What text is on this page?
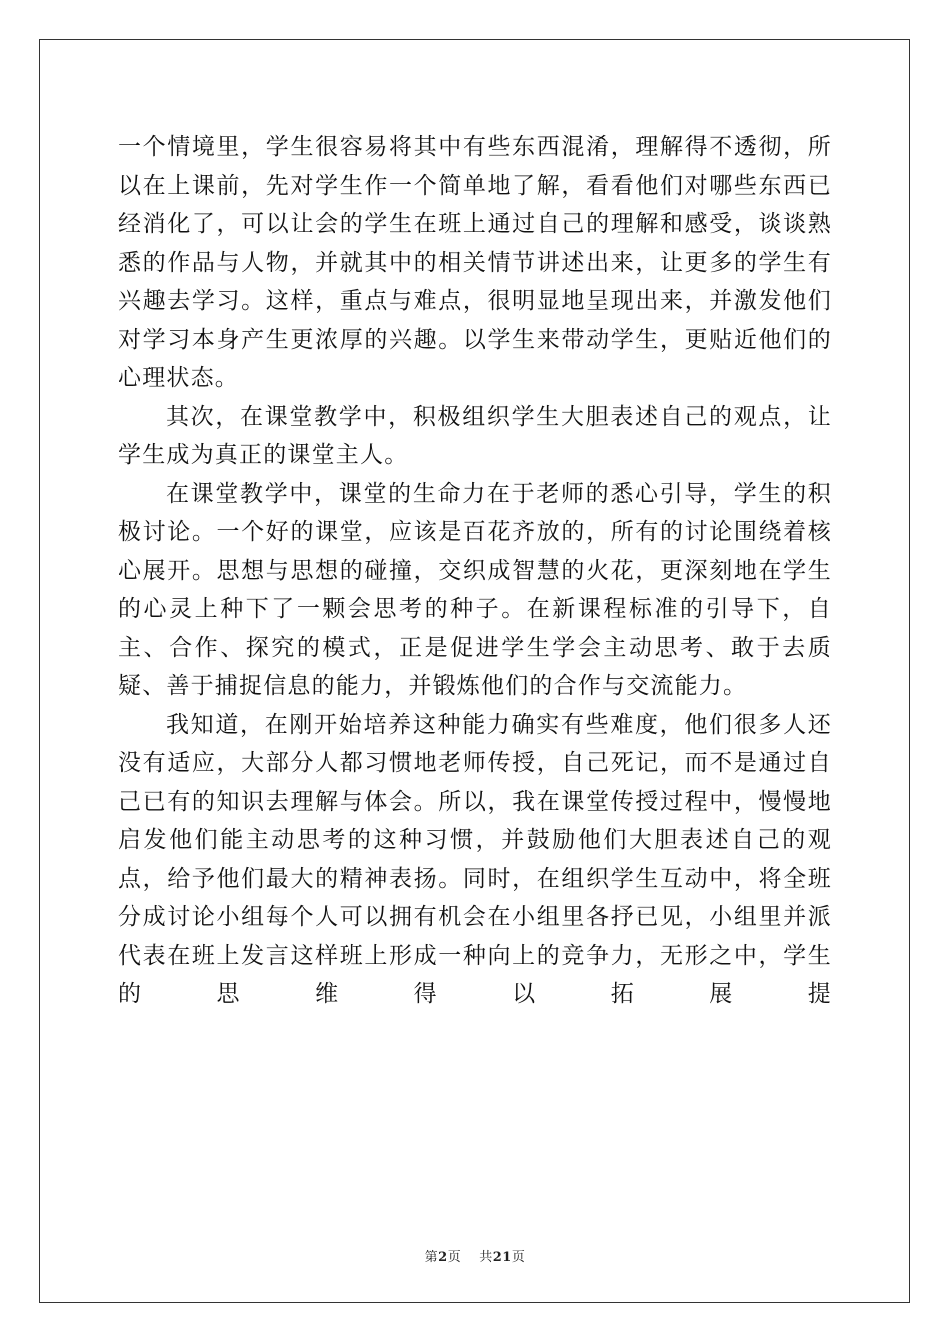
一个情境里，学生很容易将其中有些东西混淆，理解得不透彻，所以在上课前，先对学生作一个简单地了解，看看他们对哪些东西已经消化了，可以让会的学生在班上通过自己的理解和感受，谈谈熟悉的作品与人物，并就其中的相关情节讲述出来，让更多的学生有兴趣去学习。这样，重点与难点，很明显地呈现出来，并激发他们对学习本身产生更浓厚的兴趣。以学生来带动学生，更贴近他们的心理状态。

其次，在课堂教学中，积极组织学生大胆表述自己的观点，让学生成为真正的课堂主人。

在课堂教学中，课堂的生命力在于老师的悉心引导，学生的积极讨论。一个好的课堂，应该是百花齐放的，所有的讨论围绕着核心展开。思想与思想的碰撞，交织成智慧的火花，更深刻地在学生的心灵上种下了一颗会思考的种子。在新课程标准的引导下，自主、合作、探究的模式，正是促进学生学会主动思考、敢于去质疑、善于捕捉信息的能力，并锻炼他们的合作与交流能力。

我知道，在刚开始培养这种能力确实有些难度，他们很多人还没有适应，大部分人都习惯地老师传授，自己死记，而不是通过自己已有的知识去理解与体会。所以，我在课堂传授过程中，慢慢地启发他们能主动思考的这种习惯，并鼓励他们大胆表述自己的观点，给予他们最大的精神表扬。同时，在组织学生互动中，将全班分成讨论小组每个人可以拥有机会在小组里各抒已见，小组里并派代表在班上发言这样班上形成一种向上的竞争力，无形之中，学生的思维得以拓展提

第2页 共21页
